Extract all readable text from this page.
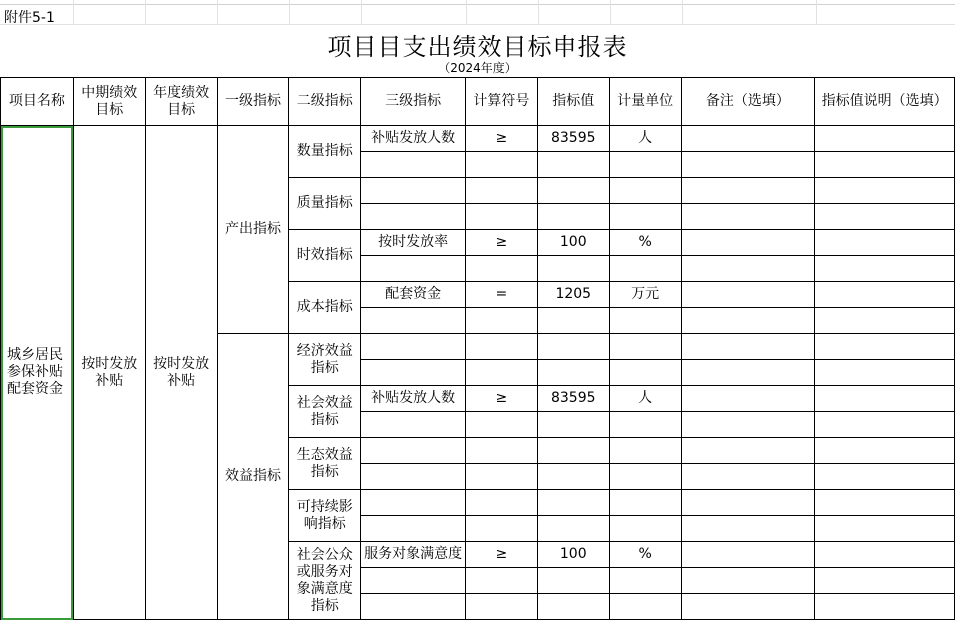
附件5-1
项目目支出绩效目标申报表
（2024年度）
项目名称	中期绩效目标	年度绩效目标	一级指标	二级指标	三级指标	计算符号	指标值	计量单位	备注（选填）	指标值说明（选填）
城乡居民参保补贴配套资金	按时发放补贴	按时发放补贴	产出指标	数量指标	补贴发放人数	≥	83595	人		

				质量指标						

				时效指标	按时发放率	≥	100	%		

				成本指标	配套资金	=	1205	万元		

			效益指标	经济效益指标						

				社会效益指标	补贴发放人数	≥	83595	人		

				生态效益指标						

				可持续影响指标						

				社会公众或服务对象满意度指标	服务对象满意度	≥	100	%		
